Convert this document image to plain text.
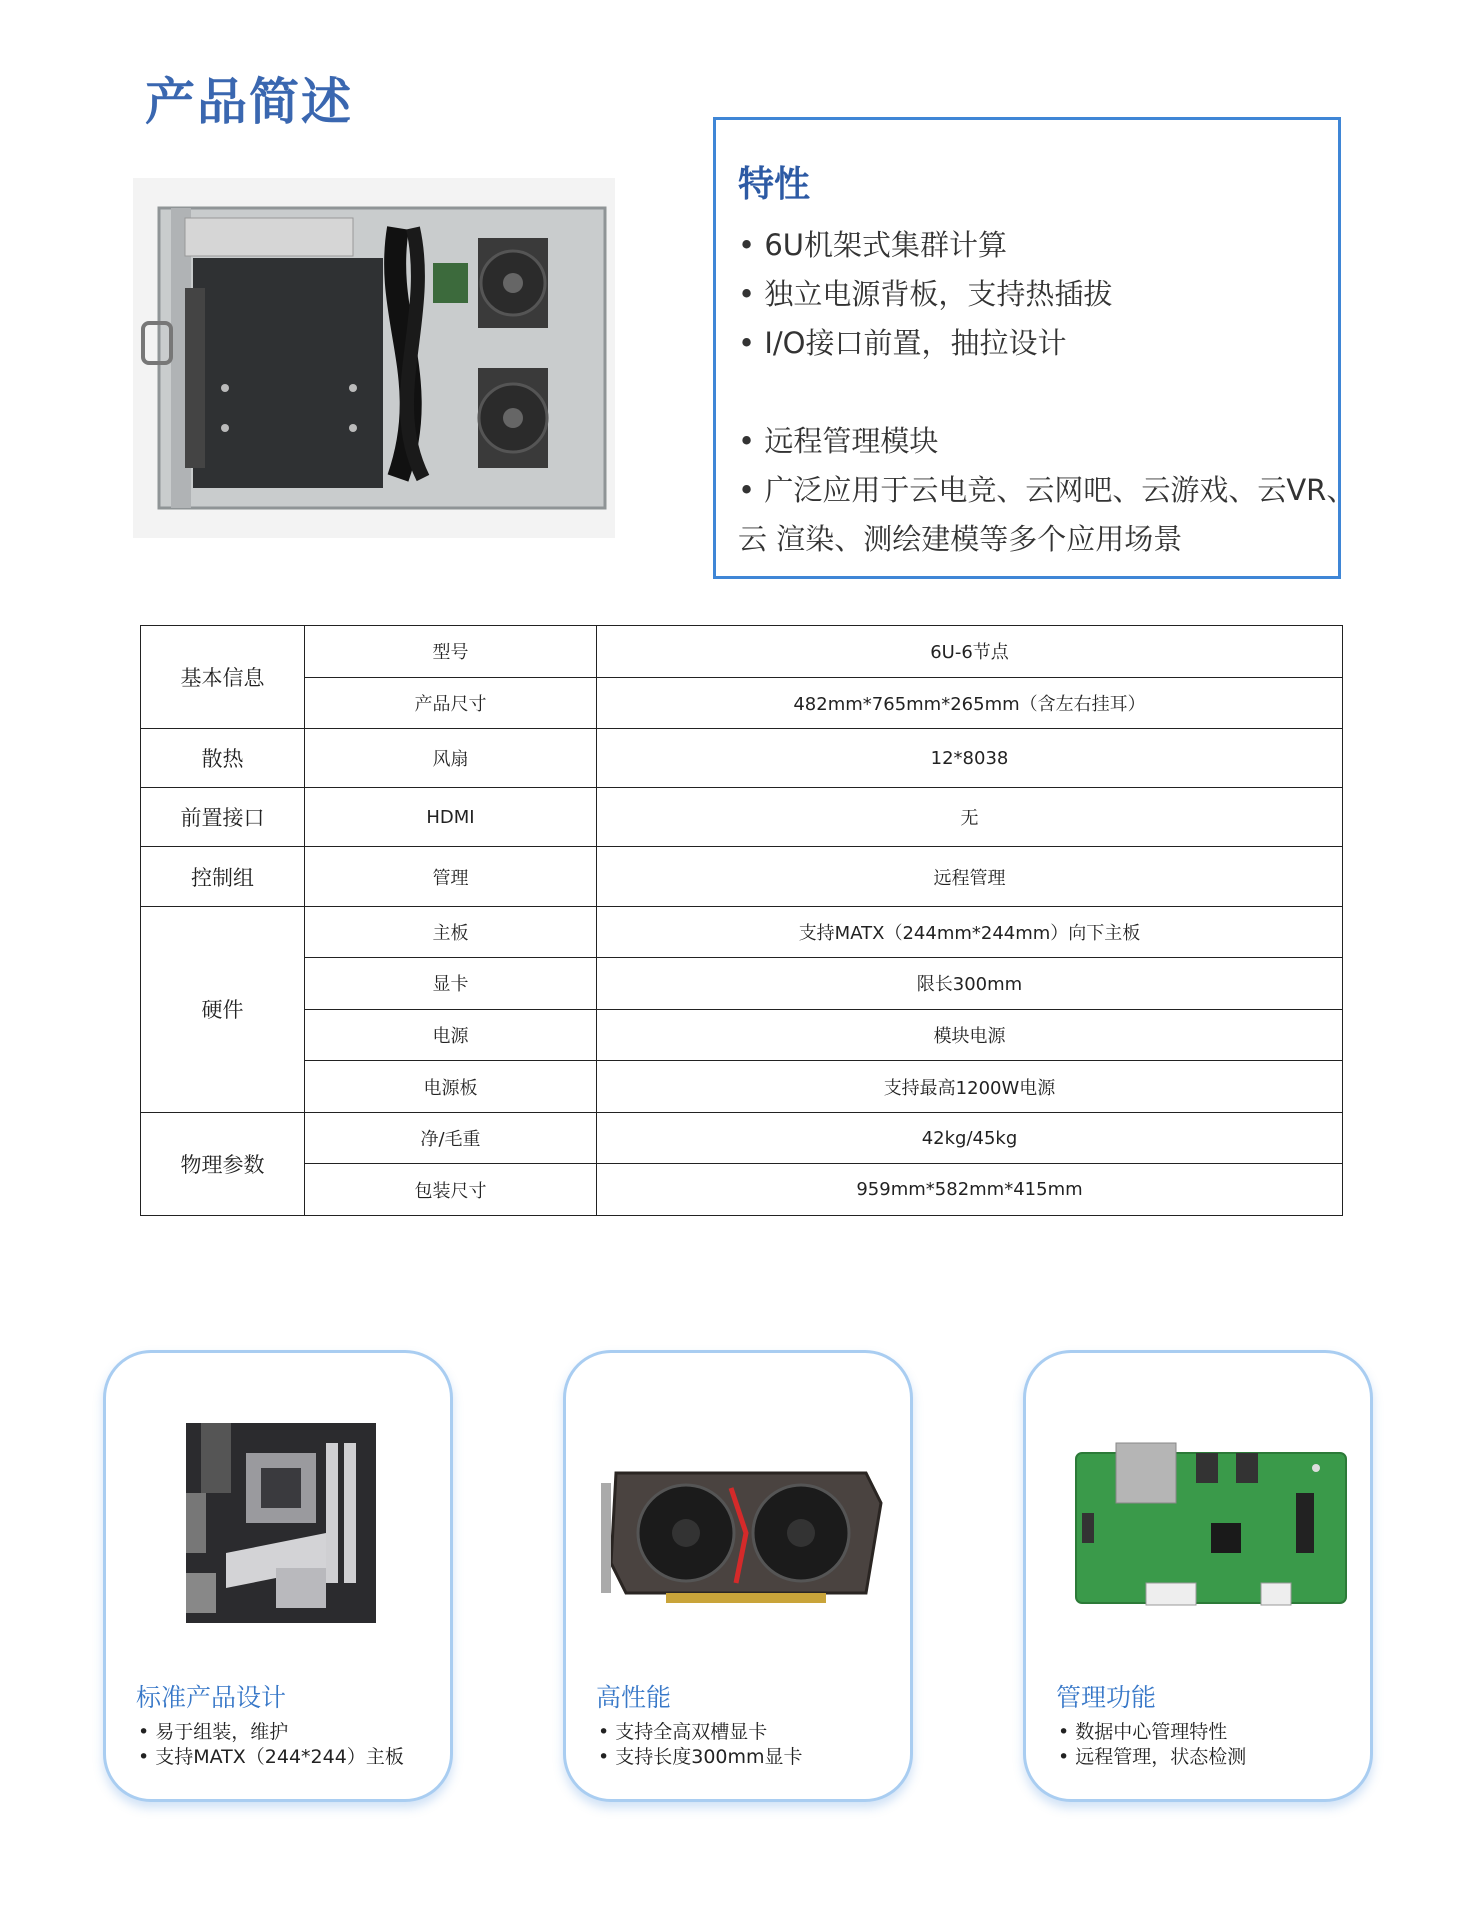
产品简述
特性
• 6U机架式集群计算
• 独立电源背板，支持热插拔
• I/O接口前置，抽拉设计
• 远程管理模块
• 广泛应用于云电竞、云网吧、云游戏、云VR、
云 渲染、测绘建模等多个应用场景
基本信息	型号	6U-6节点
	产品尺寸	482mm*765mm*265mm（含左右挂耳）
散热	风扇	12*8038
前置接口	HDMI	无
控制组	管理	远程管理
硬件	主板	支持MATX（244mm*244mm）向下主板
	显卡	限长300mm
	电源	模块电源
	电源板	支持最高1200W电源
物理参数	净/毛重	42kg/45kg
	包装尺寸	959mm*582mm*415mm
标准产品设计
• 易于组装，维护
• 支持MATX（244*244）主板
高性能
• 支持全高双槽显卡
• 支持长度300mm显卡
管理功能
• 数据中心管理特性
• 远程管理，状态检测
